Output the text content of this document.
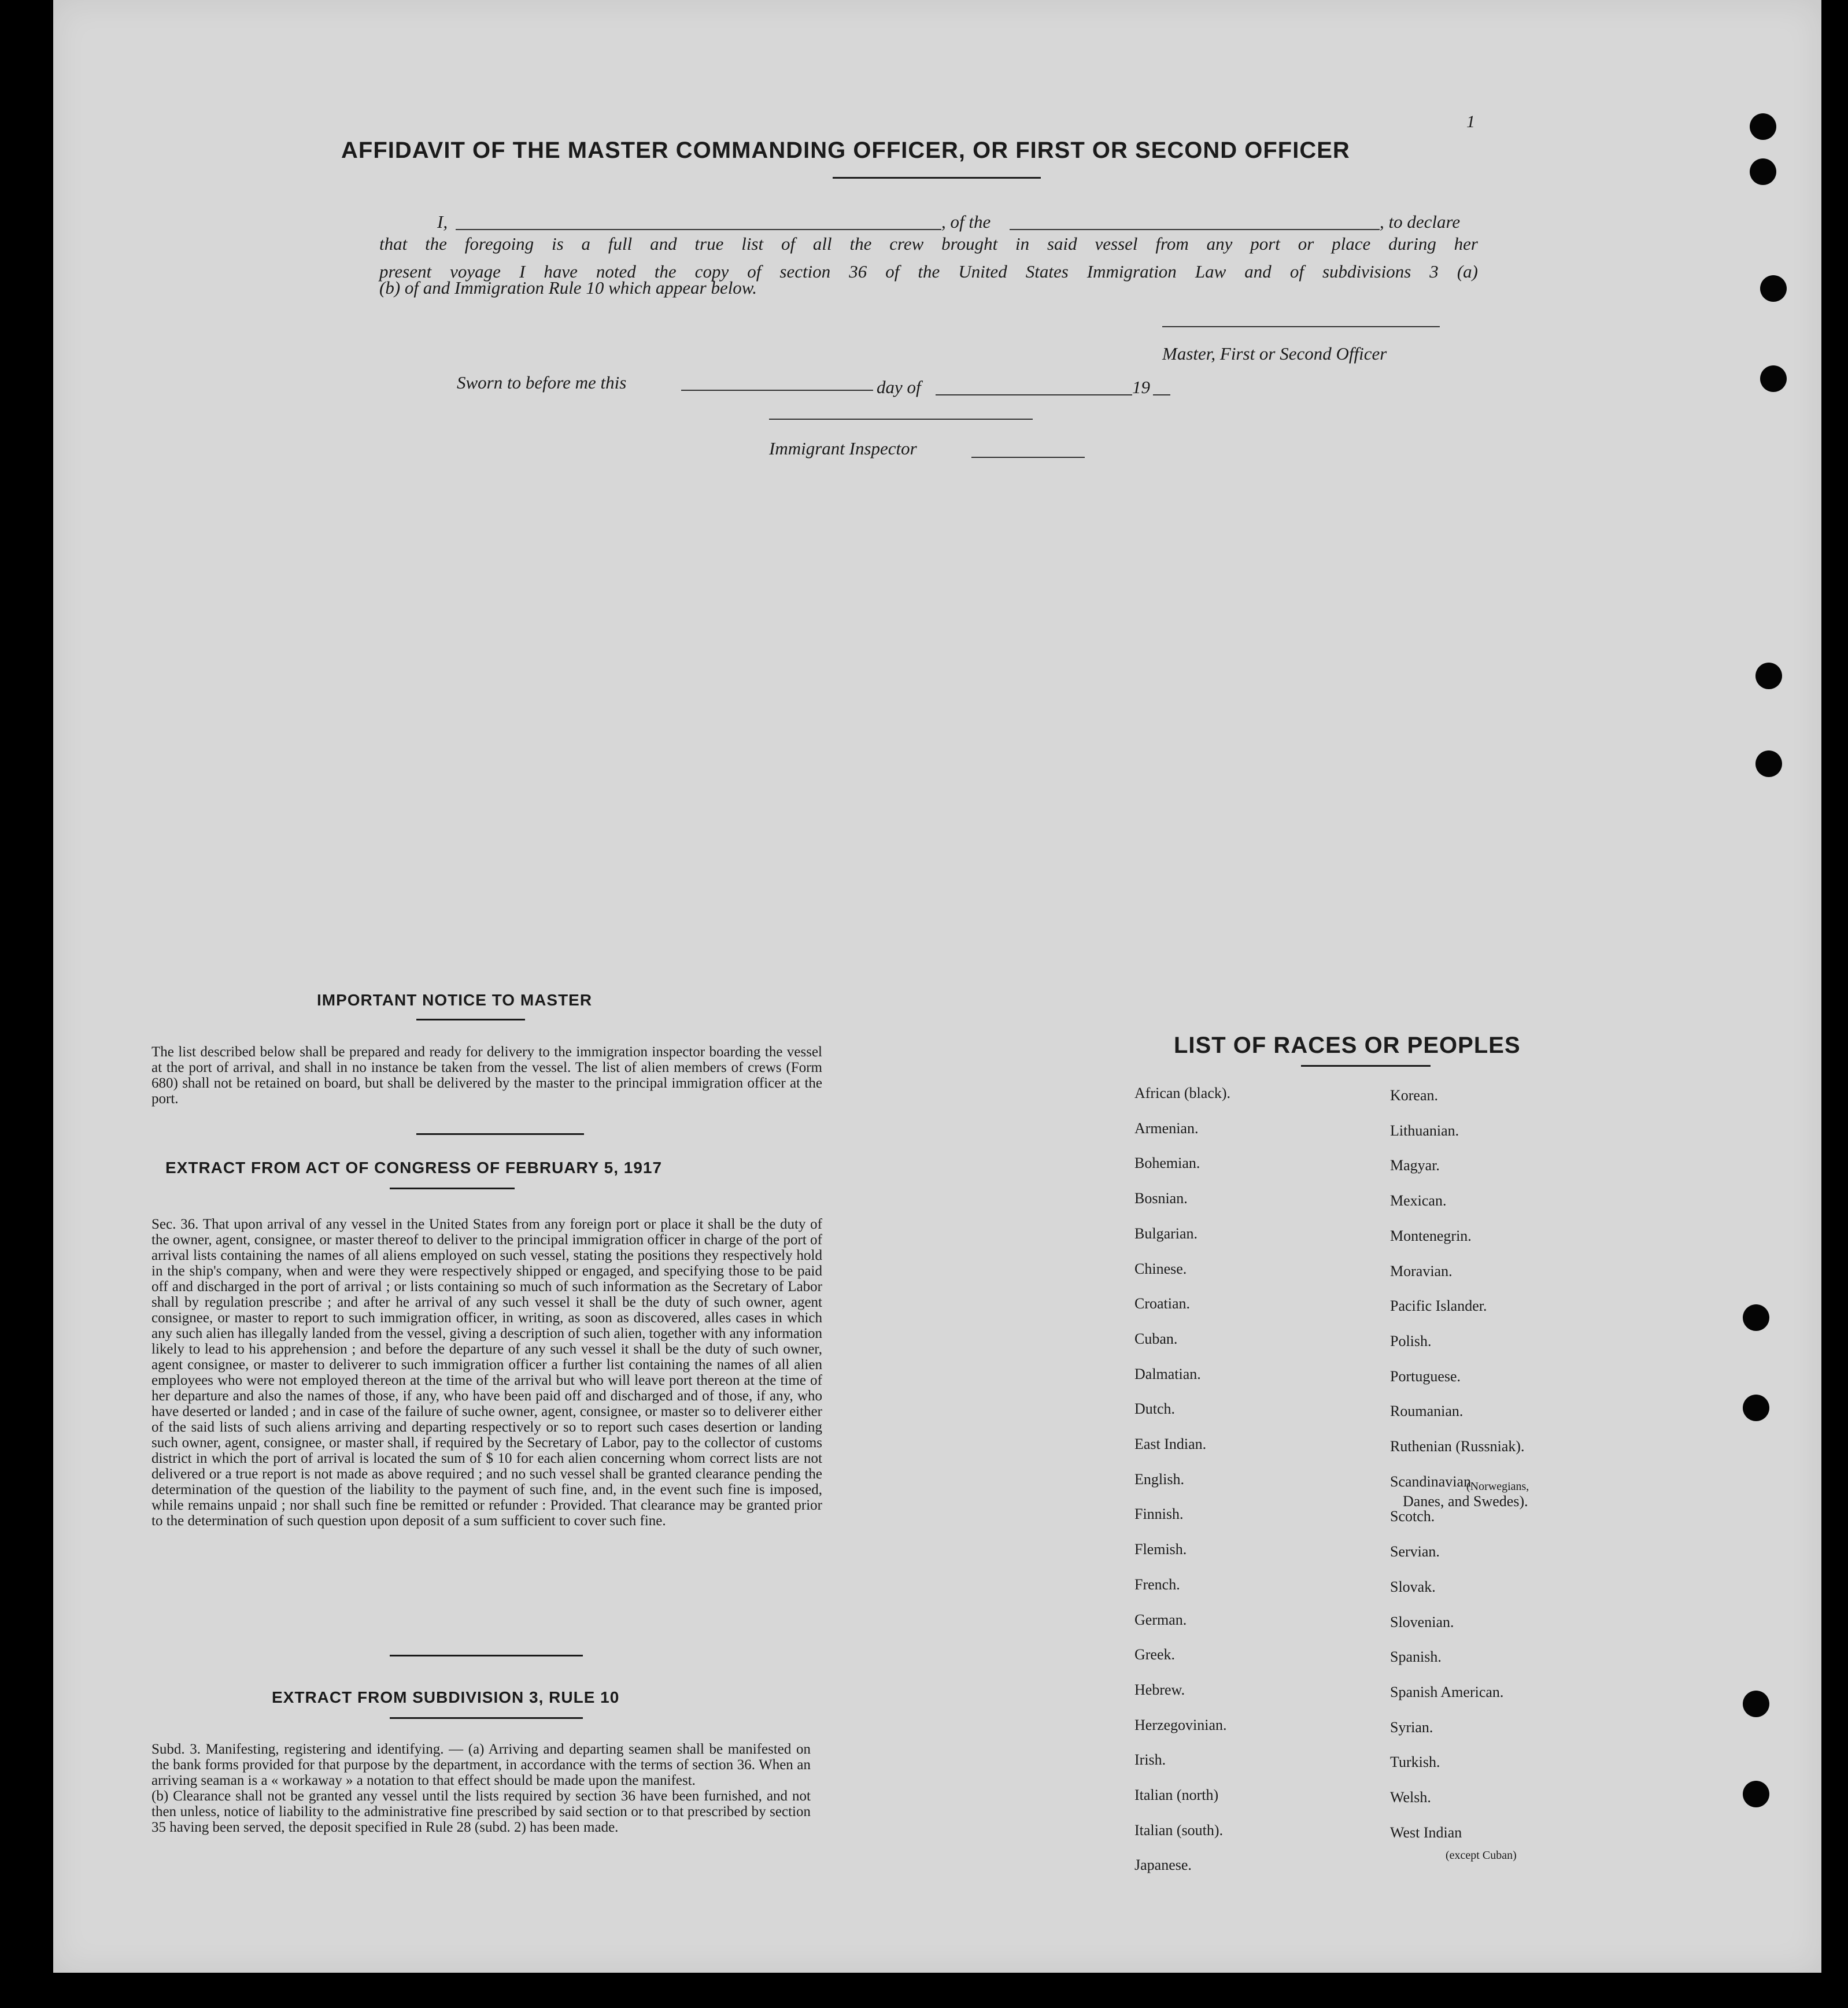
1
AFFIDAVIT OF THE MASTER COMMANDING OFFICER, OR FIRST OR SECOND OFFICER
I,	, of the	, to declare
that the foregoing is a full and true list of all the crew brought in said vessel from any port or place during her
present voyage I have noted the copy of section 36 of the United States Immigration Law and of subdivisions 3 (a)
(b) of and Immigration Rule 10 which appear below.
Master, First or Second Officer
Sworn to before me this	day of	19
Immigrant Inspector
IMPORTANT NOTICE TO MASTER
The list described below shall be prepared and ready for delivery to the immigration inspector boarding the vessel at the port of arrival, and shall in no instance be taken from the vessel. The list of alien members of crews (Form 680) shall not be retained on board, but shall be delivered by the master to the principal immigration officer at the port.
EXTRACT FROM ACT OF CONGRESS OF FEBRUARY 5, 1917
Sec. 36. That upon arrival of any vessel in the United States from any foreign port or place it shall be the duty of the owner, agent, consignee, or master thereof to deliver to the principal immigration officer in charge of the port of arrival lists containing the names of all aliens employed on such vessel, stating the positions they respectively hold in the ship's company, when and were they were respectively shipped or engaged, and specifying those to be paid off and discharged in the port of arrival ; or lists containing so much of such information as the Secretary of Labor shall by regulation prescribe ; and after he arrival of any such vessel it shall be the duty of such owner, agent consignee, or master to report to such immigration officer, in writing, as soon as discovered, alles cases in which any such alien has illegally landed from the vessel, giving a description of such alien, together with any information likely to lead to his apprehension ; and before the departure of any such vessel it shall be the duty of such owner, agent consignee, or master to deliverer to such immigration officer a further list containing the names of all alien employees who were not employed thereon at the time of the arrival but who will leave port thereon at the time of her departure and also the names of those, if any, who have been paid off and discharged and of those, if any, who have deserted or landed ; and in case of the failure of suche owner, agent, consignee, or master so to deliverer either of the said lists of such aliens arriving and departing respectively or so to report such cases desertion or landing such owner, agent, consignee, or master shall, if required by the Secretary of Labor, pay to the collector of customs district in which the port of arrival is located the sum of $ 10 for each alien concerning whom correct lists are not delivered or a true report is not made as above required ; and no such vessel shall be granted clearance pending the determination of the question of the liability to the payment of such fine, and, in the event such fine is imposed, while remains unpaid ; nor shall such fine be remitted or refunder : Provided. That clearance may be granted prior to the determination of such question upon deposit of a sum sufficient to cover such fine.
EXTRACT FROM SUBDIVISION 3, RULE 10

Subd. 3. Manifesting, registering and identifying. — (a) Arriving and departing seamen shall be manifested on the bank forms provided for that purpose by the department, in accordance with the terms of section 36. When an arriving seaman is a « workaway » a notation to that effect should be made upon the manifest.

(b) Clearance shall not be granted any vessel until the lists required by section 36 have been furnished, and not then unless, notice of liability to the administrative fine prescribed by said section or to that prescribed by section 35 having been served, the deposit specified in Rule 28 (subd. 2) has been made.

LIST OF RACES OR PEOPLES
African (black).
Armenian.
Bohemian.
Bosnian.
Bulgarian.
Chinese.
Croatian.
Cuban.
Dalmatian.
Dutch.
East Indian.
English.
Finnish.
Flemish.
French.
German.
Greek.
Hebrew.
Herzegovinian.
Irish.
Italian (north)
Italian (south).
Japanese.
Korean.
Lithuanian.
Magyar.
Mexican.
Montenegrin.
Moravian.
Pacific Islander.
Polish.
Portuguese.
Roumanian.
Ruthenian (Russniak).
Scandinavian
Scotch.
Servian.
Slovak.
Slovenian.
Spanish.
Spanish American.
Syrian.
Turkish.
Welsh.
West Indian
(Norwegians,
Danes, and Swedes).
(except Cuban)
